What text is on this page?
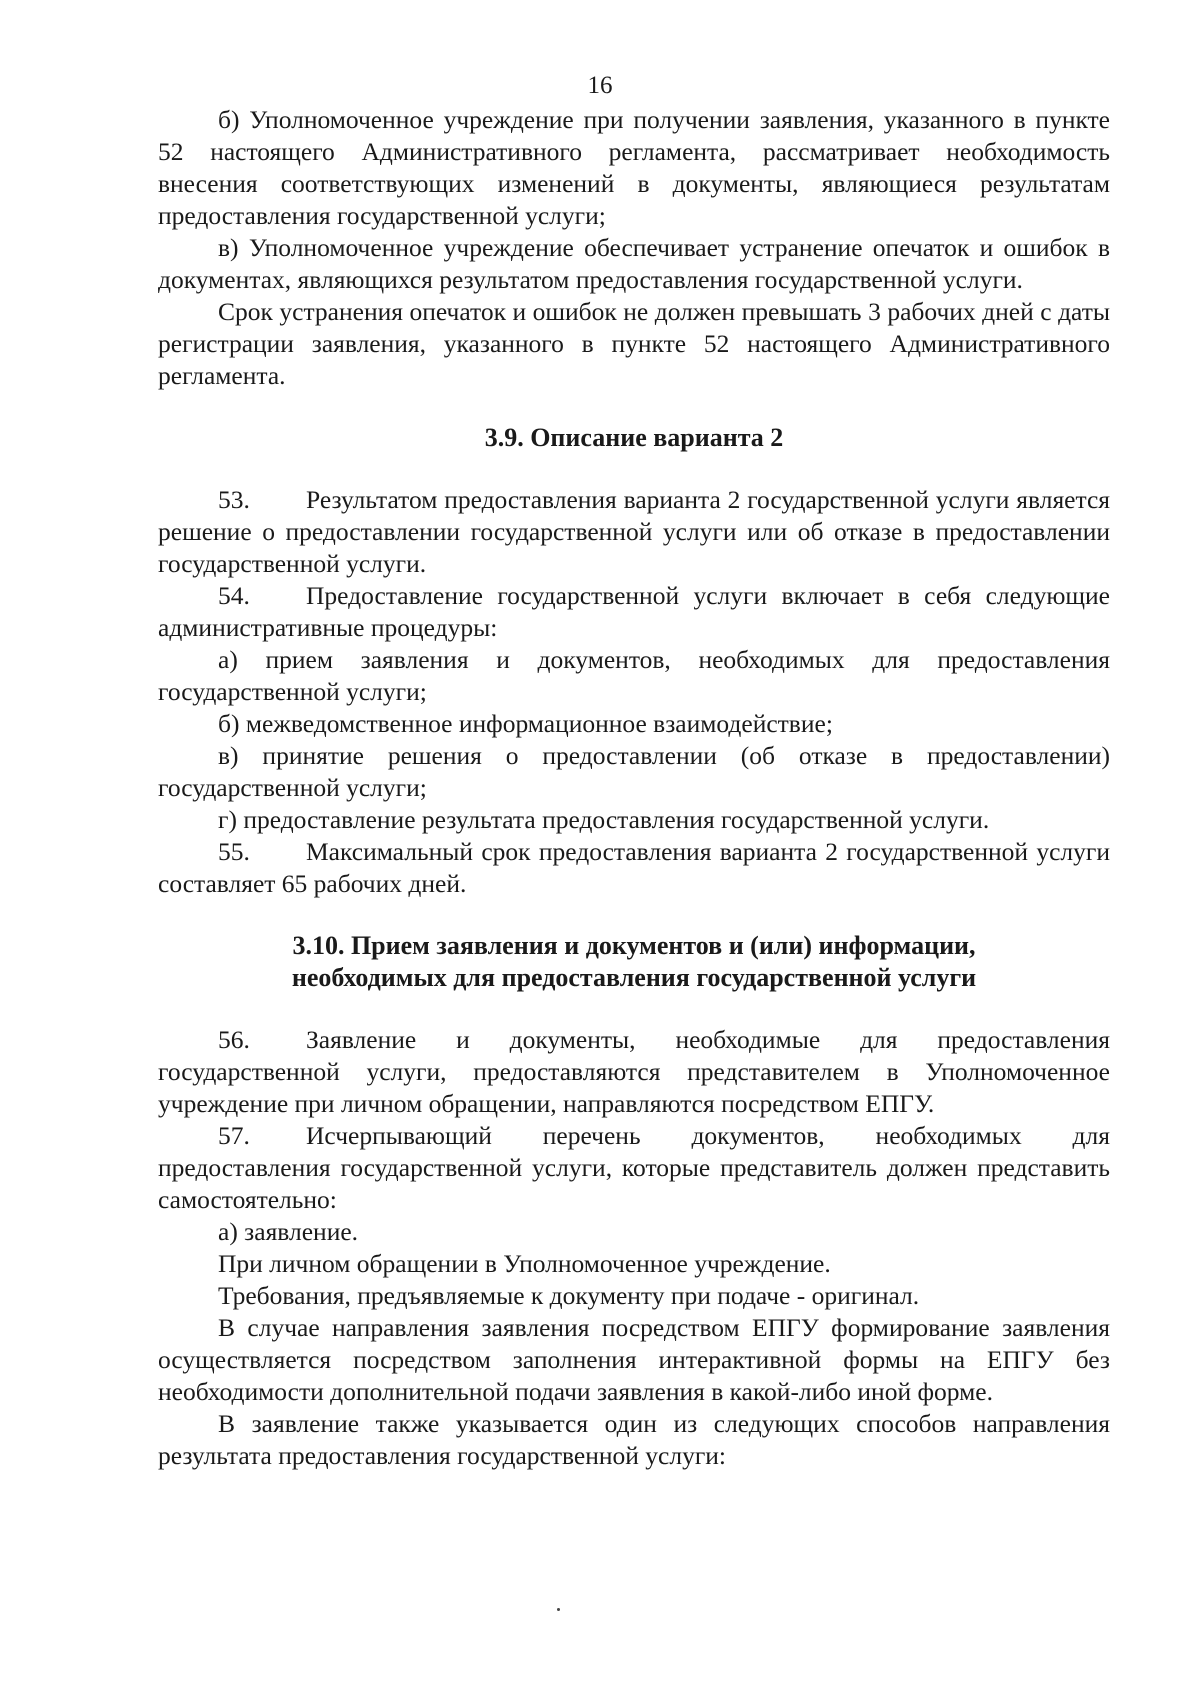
16

б) Уполномоченное учреждение при получении заявления, указанного в пункте 52 настоящего Административного регламента, рассматривает необходимость внесения соответствующих изменений в документы, являющиеся результатам предоставления государственной услуги;

в) Уполномоченное учреждение обеспечивает устранение опечаток и ошибок в документах, являющихся результатом предоставления государственной услуги.

Срок устранения опечаток и ошибок не должен превышать 3 рабочих дней с даты регистрации заявления, указанного в пункте 52 настоящего Административного регламента.

3.9. Описание варианта 2

53. Результатом предоставления варианта 2 государственной услуги является решение о предоставлении государственной услуги или об отказе в предоставлении государственной услуги.

54. Предоставление государственной услуги включает в себя следующие административные процедуры:

а) прием заявления и документов, необходимых для предоставления государственной услуги;

б) межведомственное информационное взаимодействие;

в) принятие решения о предоставлении (об отказе в предоставлении) государственной услуги;

г) предоставление результата предоставления государственной услуги.

55. Максимальный срок предоставления варианта 2 государственной услуги составляет 65 рабочих дней.

3.10. Прием заявления и документов и (или) информации,
необходимых для предоставления государственной услуги

56. Заявление и документы, необходимые для предоставления государственной услуги, предоставляются представителем в Уполномоченное учреждение при личном обращении, направляются посредством ЕПГУ.

57. Исчерпывающий перечень документов, необходимых для предоставления государственной услуги, которые представитель должен представить самостоятельно:

а) заявление.

При личном обращении в Уполномоченное учреждение.

Требования, предъявляемые к документу при подаче - оригинал.

В случае направления заявления посредством ЕПГУ формирование заявления осуществляется посредством заполнения интерактивной формы на ЕПГУ без необходимости дополнительной подачи заявления в какой-либо иной форме.

В заявление также указывается один из следующих способов направления результата предоставления государственной услуги:
